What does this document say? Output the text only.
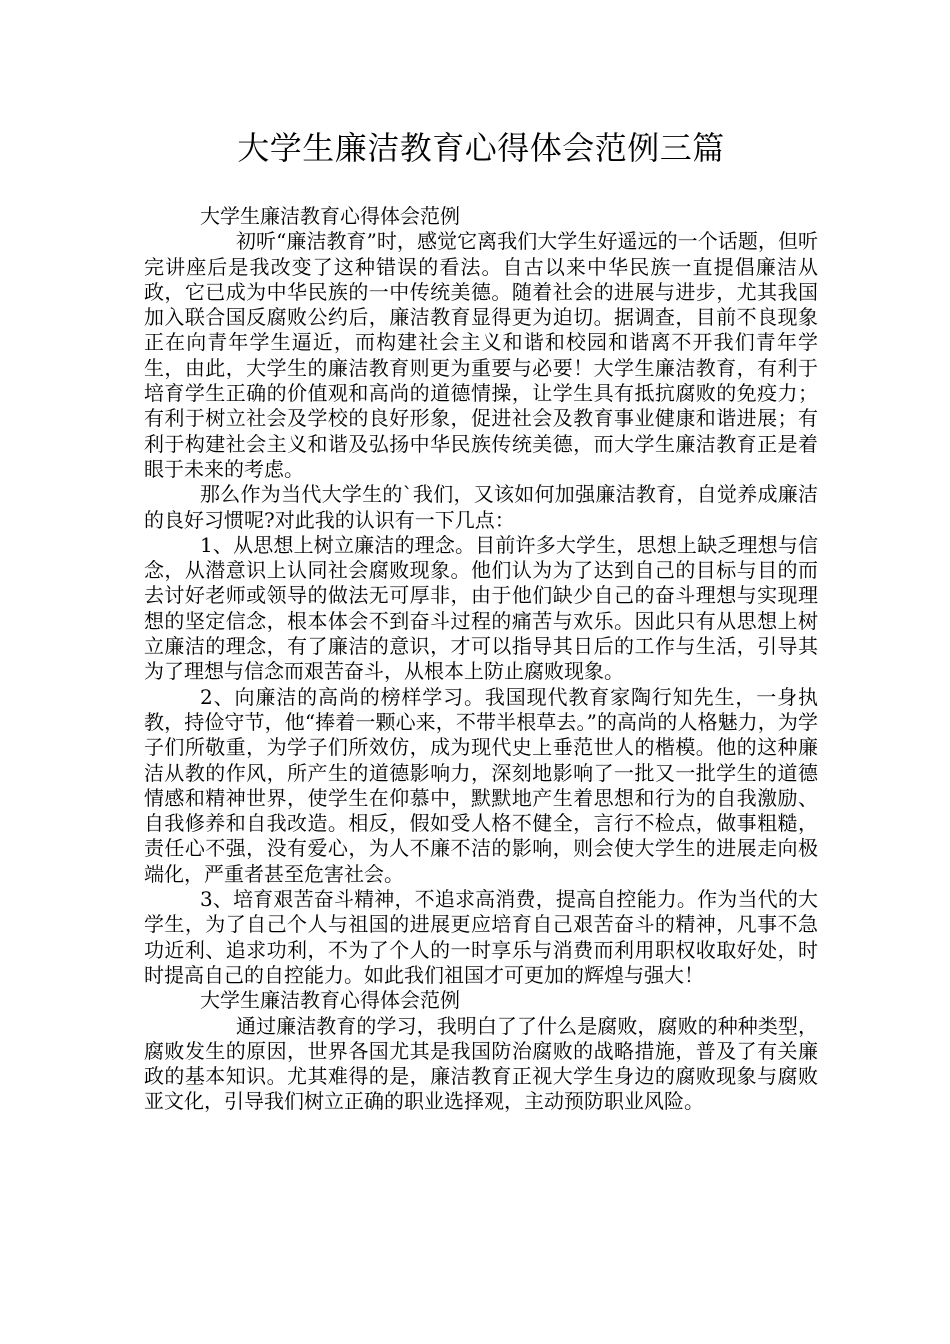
大学生廉洁教育心得体会范例三篇
大学生廉洁教育心得体会范例

初听“廉洁教育”时，感觉它离我们大学生好遥远的一个话题，但听完讲座后是我改变了这种错误的看法。自古以来中华民族一直提倡廉洁从政，它已成为中华民族的一中传统美德。随着社会的进展与进步，尤其我国加入联合国反腐败公约后，廉洁教育显得更为迫切。据调查，目前不良现象正在向青年学生逼近，而构建社会主义和谐和校园和谐离不开我们青年学生，由此，大学生的廉洁教育则更为重要与必要！大学生廉洁教育，有利于培育学生正确的价值观和高尚的道德情操，让学生具有抵抗腐败的免疫力；有利于树立社会及学校的良好形象，促进社会及教育事业健康和谐进展；有利于构建社会主义和谐及弘扬中华民族传统美德，而大学生廉洁教育正是着眼于未来的考虑。

那么作为当代大学生的`我们，又该如何加强廉洁教育，自觉养成廉洁的良好习惯呢?对此我的认识有一下几点：

1、从思想上树立廉洁的理念。目前许多大学生，思想上缺乏理想与信念，从潜意识上认同社会腐败现象。他们认为为了达到自己的目标与目的而去讨好老师或领导的做法无可厚非，由于他们缺少自己的奋斗理想与实现理想的坚定信念，根本体会不到奋斗过程的痛苦与欢乐。因此只有从思想上树立廉洁的理念，有了廉洁的意识，才可以指导其日后的工作与生活，引导其为了理想与信念而艰苦奋斗，从根本上防止腐败现象。

2、向廉洁的高尚的榜样学习。我国现代教育家陶行知先生，一身执教，持俭守节，他“捧着一颗心来，不带半根草去。”的高尚的人格魅力，为学子们所敬重，为学子们所效仿，成为现代史上垂范世人的楷模。他的这种廉洁从教的作风，所产生的道德影响力，深刻地影响了一批又一批学生的道德情感和精神世界，使学生在仰慕中，默默地产生着思想和行为的自我激励、自我修养和自我改造。相反，假如受人格不健全，言行不检点，做事粗糙，责任心不强，没有爱心，为人不廉不洁的影响，则会使大学生的进展走向极端化，严重者甚至危害社会。

3、培育艰苦奋斗精神，不追求高消费，提高自控能力。作为当代的大学生，为了自己个人与祖国的进展更应培育自己艰苦奋斗的精神，凡事不急功近利、追求功利，不为了个人的一时享乐与消费而利用职权收取好处，时时提高自己的自控能力。如此我们祖国才可更加的辉煌与强大！

大学生廉洁教育心得体会范例

通过廉洁教育的学习，我明白了了什么是腐败，腐败的种种类型，腐败发生的原因，世界各国尤其是我国防治腐败的战略措施，普及了有关廉政的基本知识。尤其难得的是，廉洁教育正视大学生身边的腐败现象与腐败亚文化，引导我们树立正确的职业选择观，主动预防职业风险。
